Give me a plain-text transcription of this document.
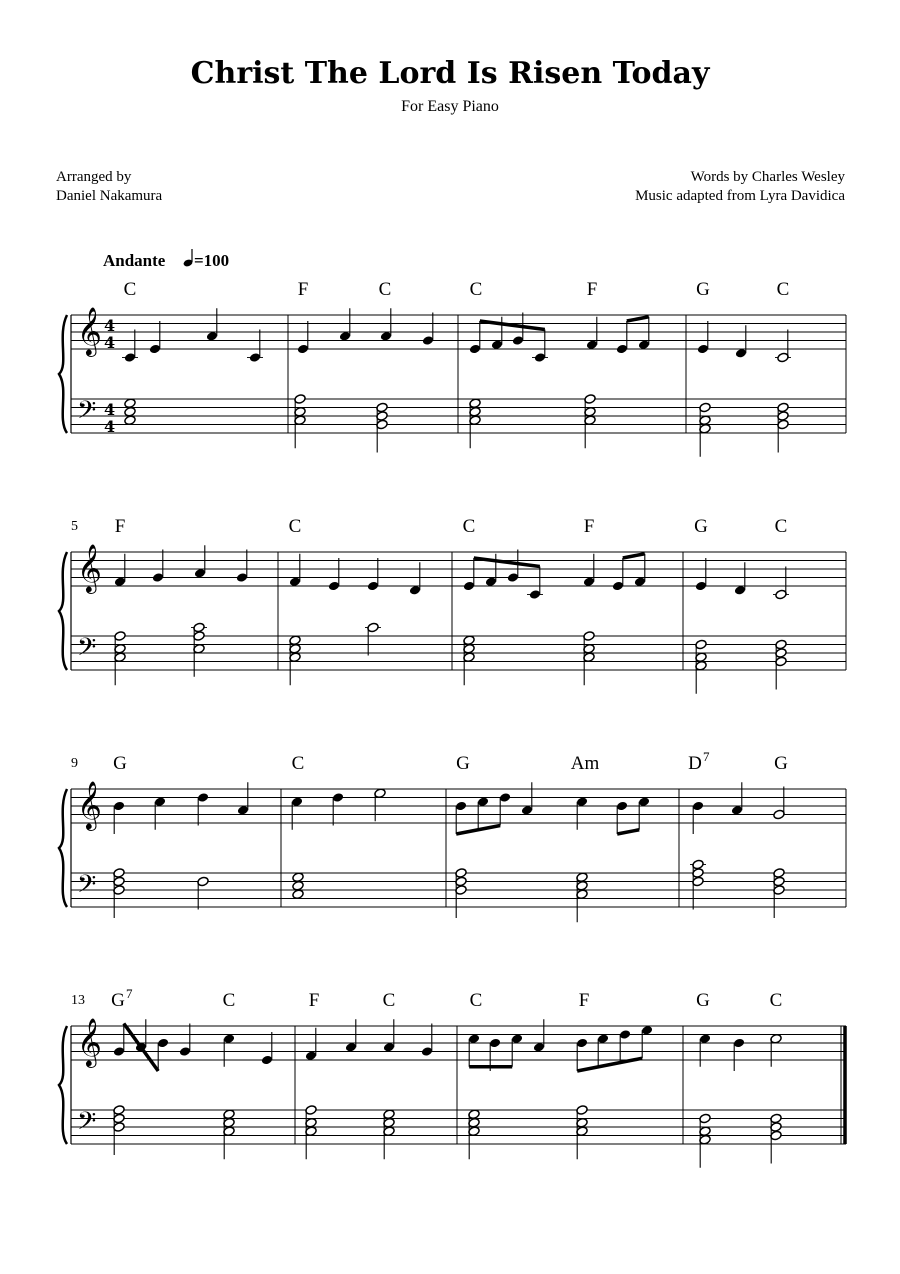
Christ The Lord Is Risen Today
For Easy Piano
Arranged by
Daniel Nakamura
Words by Charles Wesley
Music adapted from Lyra Davidica
Andante =100
𝄞
𝄢
4
4
4
4
C	F	C	C	F	G	C
𝄞
𝄢
5 F	C	C	F	G	C
𝄞
𝄢
9 G	C	G	Am	D 7	G
𝄞
𝄢
13 G 7	C	F	C	C	F	G	C
